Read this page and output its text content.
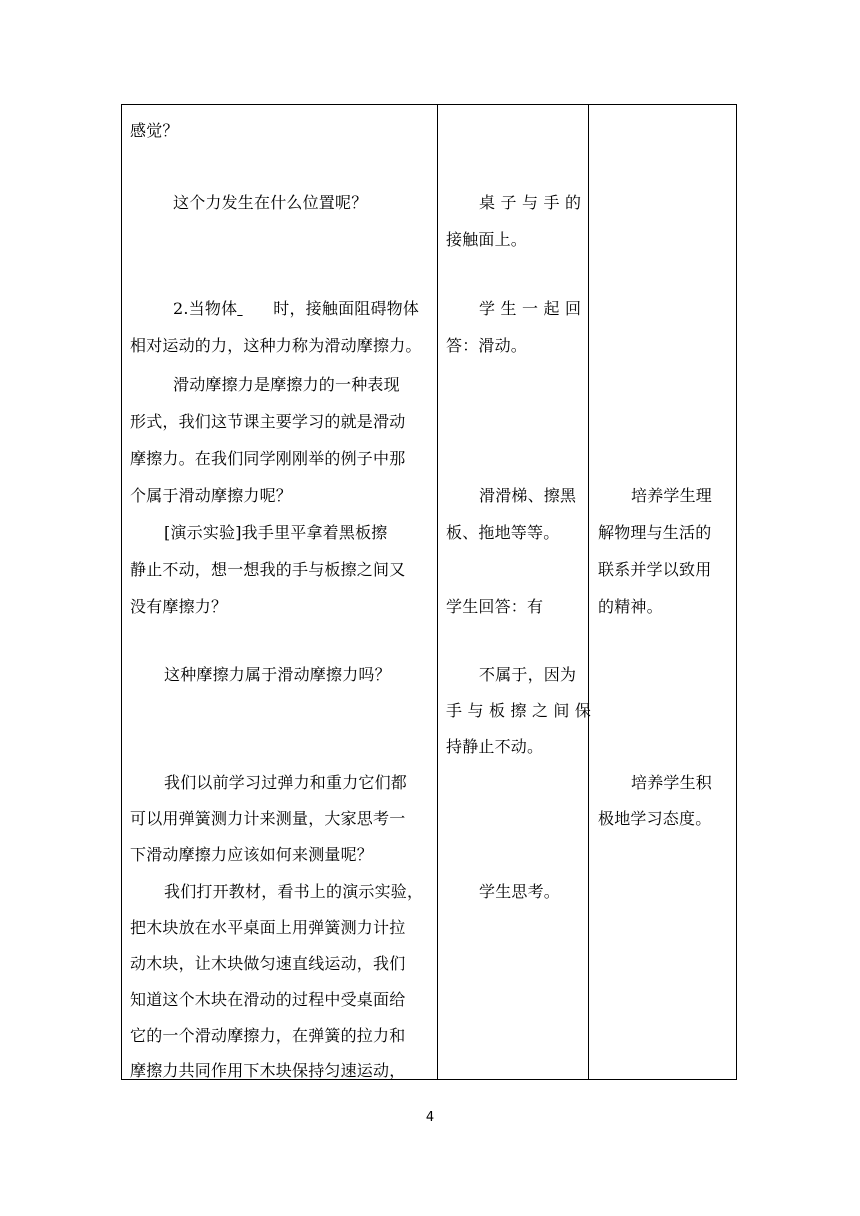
感觉？
这个力发生在什么位置呢？
2.当物体 时，接触面阻碍物体
相对运动的力，这种力称为滑动摩擦力。
滑动摩擦力是摩擦力的一种表现
形式，我们这节课主要学习的就是滑动
摩擦力。在我们同学刚刚举的例子中那
个属于滑动摩擦力呢？
[演示实验]我手里平拿着黑板擦
静止不动，想一想我的手与板擦之间又
没有摩擦力？
这种摩擦力属于滑动摩擦力吗？
我们以前学习过弹力和重力它们都
可以用弹簧测力计来测量，大家思考一
下滑动摩擦力应该如何来测量呢？
我们打开教材，看书上的演示实验，
把木块放在水平桌面上用弹簧测力计拉
动木块，让木块做匀速直线运动，我们
知道这个木块在滑动的过程中受桌面给
它的一个滑动摩擦力，在弹簧的拉力和
摩擦力共同作用下木块保持匀速运动，
桌 子 与 手 的
接触面上。
学 生 一 起 回
答：滑动。
滑滑梯、擦黑
板、拖地等等。
学生回答：有
不属于，因为
手 与 板 擦 之 间 保
持静止不动。
学生思考。
培养学生理
解物理与生活的
联系并学以致用
的精神。
培养学生积
极地学习态度。
4
